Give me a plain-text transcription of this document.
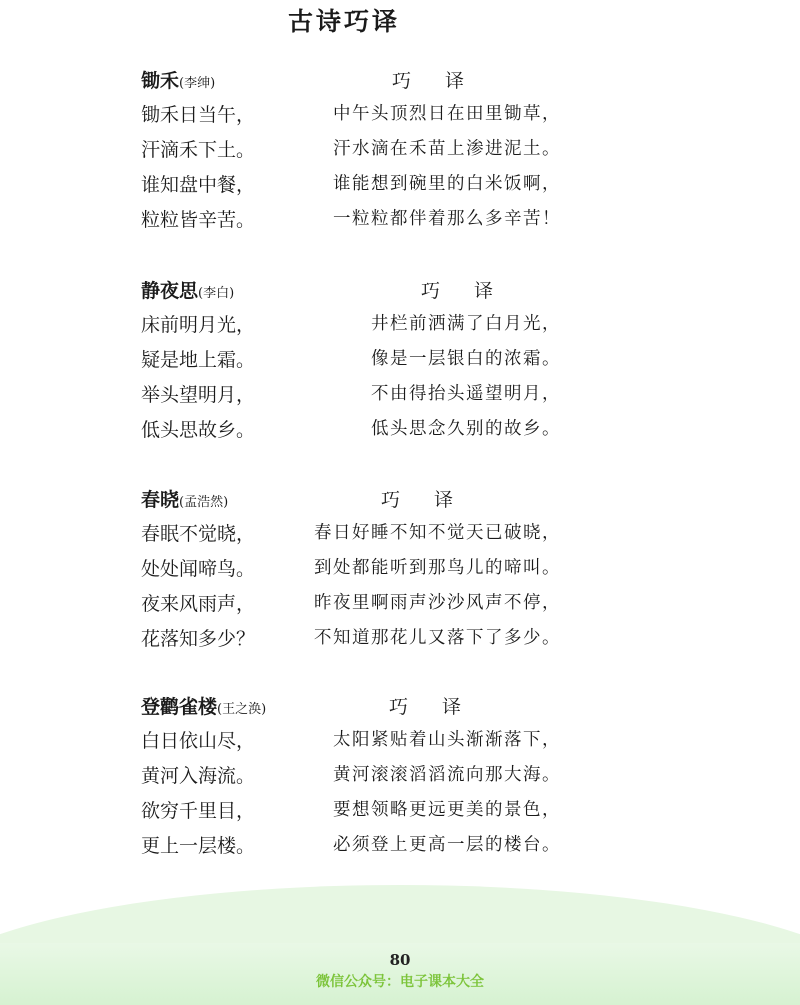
古诗巧译
锄禾(李绅)	巧 译
锄禾日当午，	中午头顶烈日在田里锄草，
汗滴禾下土。	汗水滴在禾苗上渗进泥土。
谁知盘中餐，	谁能想到碗里的白米饭啊，
粒粒皆辛苦。	一粒粒都伴着那么多辛苦！
静夜思(李白)	巧 译
床前明月光，	井栏前洒满了白月光，
疑是地上霜。	像是一层银白的浓霜。
举头望明月，	不由得抬头遥望明月，
低头思故乡。	低头思念久别的故乡。
春晓(孟浩然)	巧 译
春眠不觉晓，	春日好睡不知不觉天已破晓，
处处闻啼鸟。	到处都能听到那鸟儿的啼叫。
夜来风雨声，	昨夜里啊雨声沙沙风声不停，
花落知多少？	不知道那花儿又落下了多少。
登鹳雀楼(王之涣)	巧 译
白日依山尽，	太阳紧贴着山头渐渐落下，
黄河入海流。	黄河滚滚滔滔流向那大海。
欲穷千里目，	要想领略更远更美的景色，
更上一层楼。	必须登上更高一层的楼台。
80
微信公众号：电子课本大全
